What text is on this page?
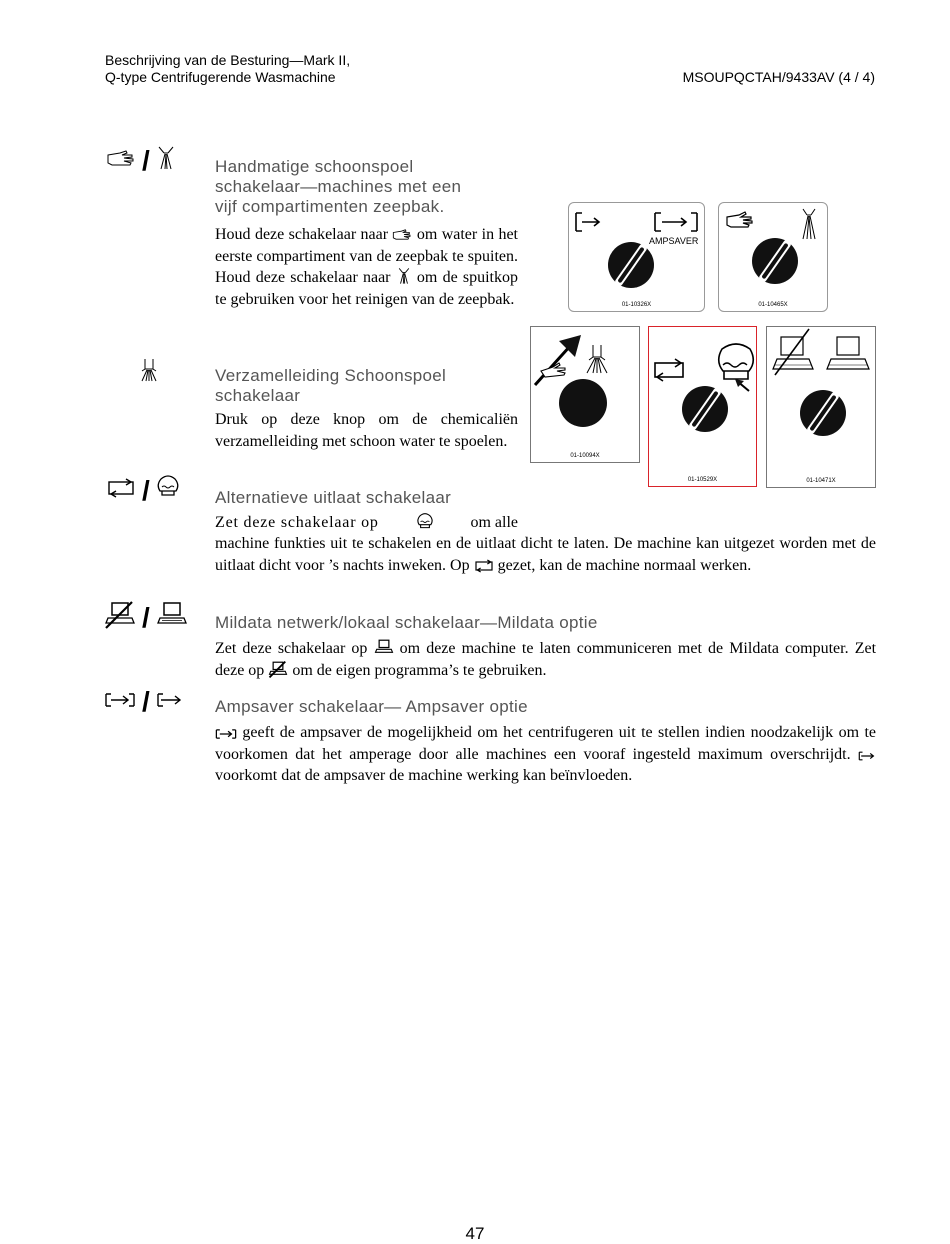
Beschrijving van de Besturing—Mark II,
Q-type Centrifugerende Wasmachine	MSOUPQCTAH/9433AV (4 / 4)
/	Handmatige schoonspoel
schakelaar—machines met een
vijf compartimenten zeepbak.
Houd deze schakelaar naar om water in het eerste compartiment van de zeepbak te spuiten. Houd deze schakelaar naar om de spuitkop te gebruiken voor het reinigen van de zeepbak.
Verzamelleiding Schoonspoel
schakelaar
Druk op deze knop om de chemicaliën verzamelleiding met schoon water te spoelen.
/	Alternatieve uitlaat schakelaar
Zet deze schakelaar op	om alle
machine funkties uit te schakelen en de uitlaat dicht te laten. De machine kan uitgezet worden met de uitlaat dicht voor ’s nachts inweken. Op gezet, kan de machine normaal werken.
/	Mildata netwerk/lokaal schakelaar—Mildata optie
Zet deze schakelaar op om deze machine te laten communiceren met de Mildata computer. Zet deze op om de eigen programma’s te gebruiken.
/	Ampsaver schakelaar— Ampsaver optie
geeft de ampsaver de mogelijkheid om het centrifugeren uit te stellen indien noodzakelijk om te voorkomen dat het amperage door alle machines een vooraf ingesteld maximum overschrijdt.  voorkomt dat de ampsaver de machine werking kan beïnvloeden.
AMPSAVER
01-10326X	01-10465X
01-10094X
01-10529X	01-10471X
47
